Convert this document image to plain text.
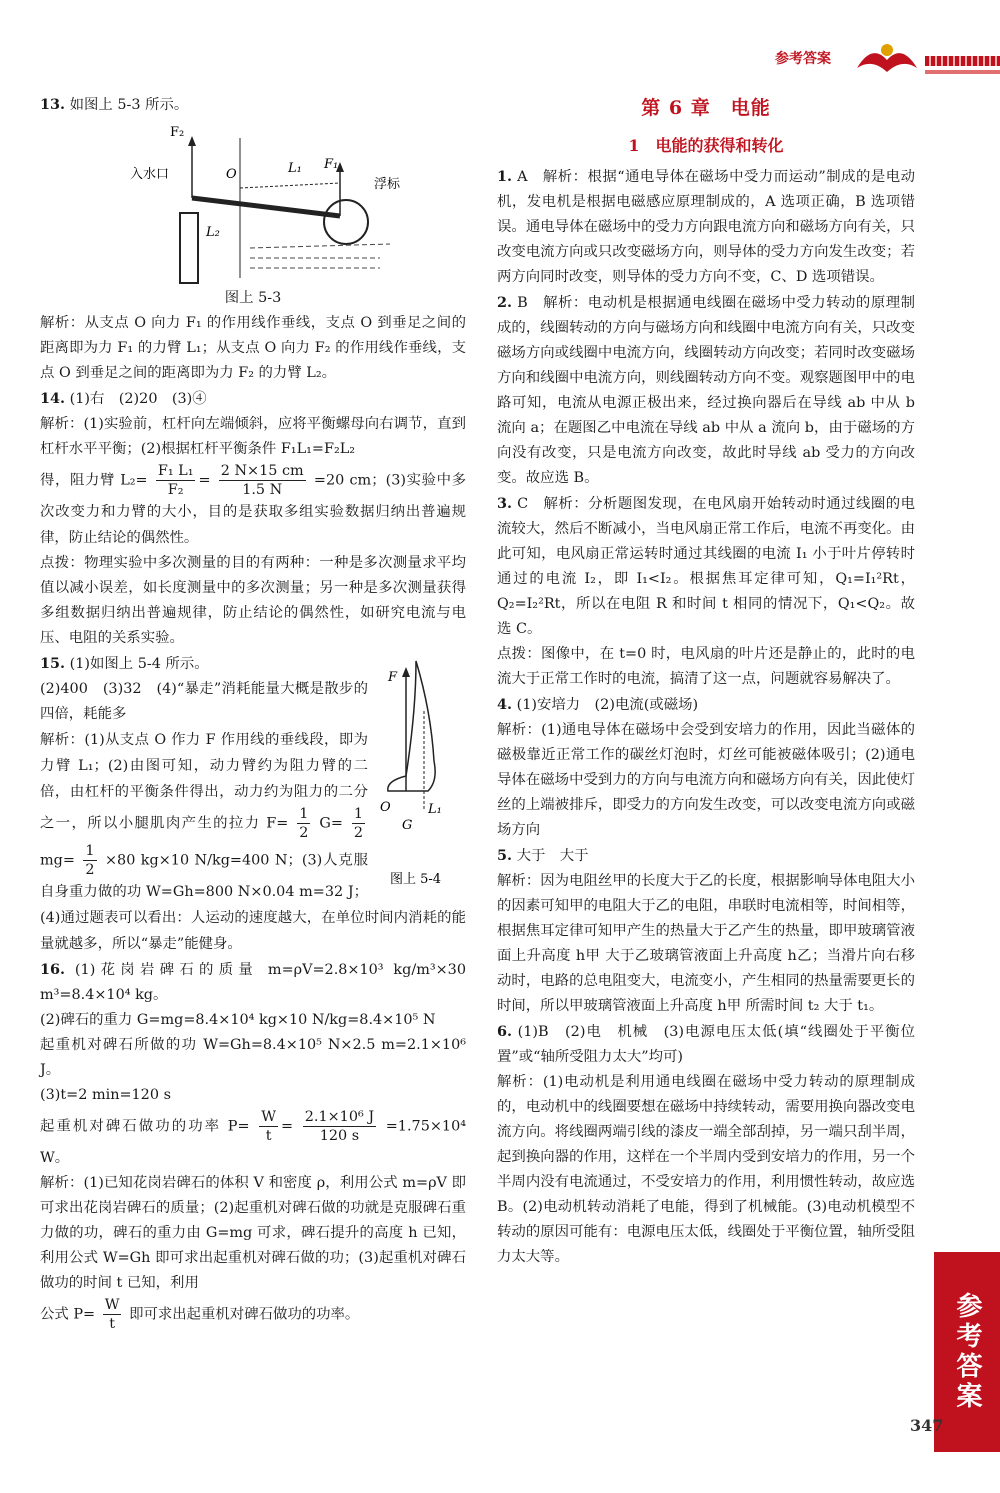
参考答案

13. 如图上 5-3 所示。

F₂
入水口	O	L₁ F₁
浮标
L₂

图上 5-3

解析：从支点 O 向力 F₁ 的作用线作垂线，支点 O 到垂足之间的距离即为力 F₁ 的力臂 L₁；从支点 O 向力 F₂ 的作用线作垂线，支点 O 到垂足之间的距离即为力 F₂ 的力臂 L₂。

14. (1)右　(2)20　(3)④

解析：(1)实验前，杠杆向左端倾斜，应将平衡螺母向右调节，直到杠杆水平平衡；(2)根据杠杆平衡条件 F₁L₁=F₂L₂

得，阻力臂 $L_2= \frac{\text{F₁ L₁}}{\text{F₂}} = \frac{2 N\times 15 cm}{1.5 N} =20$ cm；(3)实验中多次改变力和力臂的大小，目的是获取多组实验数据归纳出普遍规律，防止结论的偶然性。

点拨：物理实验中多次测量的目的有两种：一种是多次测量求平均值以减小误差，如长度测量中的多次测量；另一种是多次测量获得多组数据归纳出普遍规律，防止结论的偶然性，如研究电流与电压、电阻的关系实验。

F
O
G
L₁
图上 5-4

15. (1)如图上 5-4 所示。

(2)400　(3)32　(4)“暴走”消耗能量大概是散步的四倍，耗能多

解析：(1)从支点 O 作力 F 作用线的垂线段，即为力臂 L₁；(2)由图可知，动力臂约为阻力臂的二倍，由杠杆的平衡条件得出，动力约为阻力的二分之一，所以小腿肌肉产生的拉力 $F= \frac{1}{2} G= \frac{1}{2}$
$mg= \frac{1}{2} \times 80$ kg×10 N/kg=400 N；(3)人克服自身重力做的功 W=Gh=800 N×0.04 m=32 J；(4)通过题表可以看出：人运动的速度越大，在单位时间内消耗的能量就越多，所以“暴走”能健身。

16. (1)花岗岩碑石的质量 m=ρV=2.8×10³ kg/m³×30 m³=8.4×10⁴ kg。

(2)碑石的重力 G=mg=8.4×10⁴ kg×10 N/kg=8.4×10⁵ N

起重机对碑石所做的功 W=Gh=8.4×10⁵ N×2.5 m=2.1×10⁶ J。

(3)t=2 min=120 s

起重机对碑石做功的功率 $P= \frac{W}{t} = \frac{\text{2.1×10⁶ J}}{120 s} =1.75\times 10^4$ W。

解析：(1)已知花岗岩碑石的体积 V 和密度 ρ，利用公式 m=ρV 即可求出花岗岩碑石的质量；(2)起重机对碑石做的功就是克服碑石重力做的功，碑石的重力由 G=mg 可求，碑石提升的高度 h 已知，利用公式 W=Gh 即可求出起重机对碑石做的功；(3)起重机对碑石做功的时间 t 已知，利用

公式 $P= \frac{W}{t}$ 即可求出起重机对碑石做功的功率。

第 6 章　电能
1　电能的获得和转化

1. A　解析：根据“通电导体在磁场中受力而运动”制成的是电动机，发电机是根据电磁感应原理制成的，A 选项正确，B 选项错误。通电导体在磁场中的受力方向跟电流方向和磁场方向有关，只改变电流方向或只改变磁场方向，则导体的受力方向发生改变；若两方向同时改变，则导体的受力方向不变，C、D 选项错误。

2. B　解析：电动机是根据通电线圈在磁场中受力转动的原理制成的，线圈转动的方向与磁场方向和线圈中电流方向有关，只改变磁场方向或线圈中电流方向，线圈转动方向改变；若同时改变磁场方向和线圈中电流方向，则线圈转动方向不变。观察题图甲中的电路可知，电流从电源正极出来，经过换向器后在导线 ab 中从 b 流向 a；在题图乙中电流在导线 ab 中从 a 流向 b，由于磁场的方向没有改变，只是电流方向改变，故此时导线 ab 受力的方向改变。故应选 B。

3. C　解析：分析题图发现，在电风扇开始转动时通过线圈的电流较大，然后不断减小，当电风扇正常工作后，电流不再变化。由此可知，电风扇正常运转时通过其线圈的电流 I₁ 小于叶片停转时通过的电流 I₂，即 I₁<I₂。根据焦耳定律可知，Q₁=I₁²Rt，Q₂=I₂²Rt，所以在电阻 R 和时间 t 相同的情况下，Q₁<Q₂。故选 C。

点拨：图像中，在 t=0 时，电风扇的叶片还是静止的，此时的电流大于正常工作时的电流，搞清了这一点，问题就容易解决了。

4. (1)安培力　(2)电流(或磁场)

解析：(1)通电导体在磁场中会受到安培力的作用，因此当磁体的磁极靠近正常工作的碳丝灯泡时，灯丝可能被磁体吸引；(2)通电导体在磁场中受到力的方向与电流方向和磁场方向有关，因此使灯丝的上端被排斥，即受力的方向发生改变，可以改变电流方向或磁场方向

5. 大于　大于

解析：因为电阻丝甲的长度大于乙的长度，根据影响导体电阻大小的因素可知甲的电阻大于乙的电阻，串联时电流相等，时间相等，根据焦耳定律可知甲产生的热量大于乙产生的热量，即甲玻璃管液面上升高度 h甲 大于乙玻璃管液面上升高度 h乙；当滑片向右移动时，电路的总电阻变大，电流变小，产生相同的热量需要更长的时间，所以甲玻璃管液面上升高度 h甲 所需时间 t₂ 大于 t₁。

6. (1)B　(2)电　机械　(3)电源电压太低(填“线圈处于平衡位置”或“轴所受阻力太大”均可)

解析：(1)电动机是利用通电线圈在磁场中受力转动的原理制成的，电动机中的线圈要想在磁场中持续转动，需要用换向器改变电流方向。将线圈两端引线的漆皮一端全部刮掉，另一端只刮半周，起到换向器的作用，这样在一个半周内受到安培力的作用，另一个半周内没有电流通过，不受安培力的作用，利用惯性转动，故应选 B。(2)电动机转动消耗了电能，得到了机械能。(3)电动机模型不转动的原因可能有：电源电压太低，线圈处于平衡位置，轴所受阻力太大等。

参考答案
347
